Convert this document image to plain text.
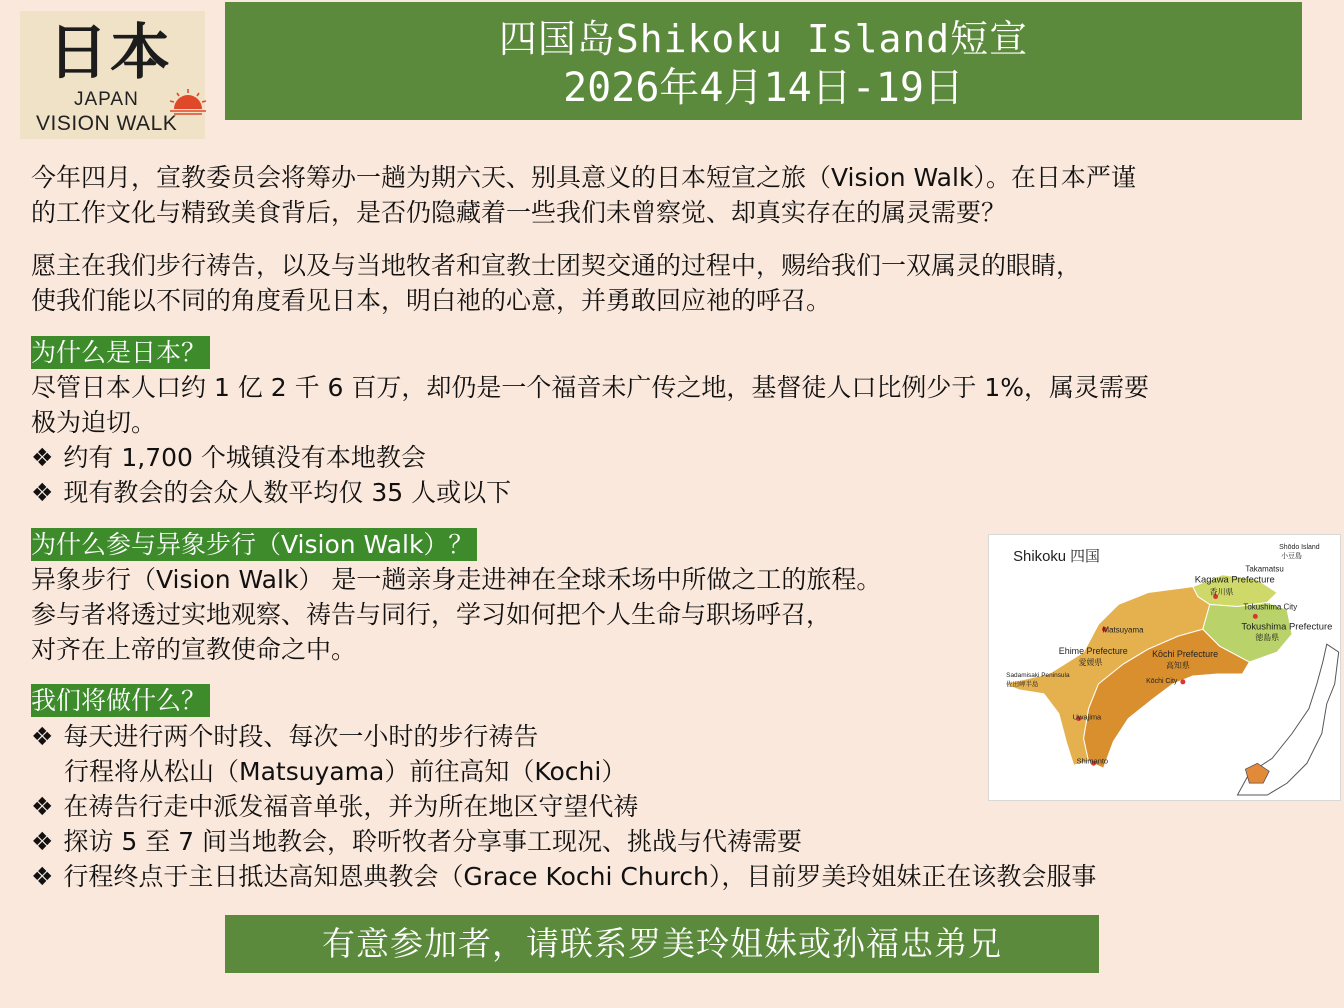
日本
JAPAN
VISION WALK
四国岛Shikoku Island短宣
2026年4月14日-19日
今年四月，宣教委员会将筹办一趟为期六天、别具意义的日本短宣之旅（Vision Walk）。在日本严谨
的工作文化与精致美食背后，是否仍隐藏着一些我们未曾察觉、却真实存在的属灵需要？
愿主在我们步行祷告，以及与当地牧者和宣教士团契交通的过程中，赐给我们一双属灵的眼睛，
使我们能以不同的角度看见日本，明白祂的心意，并勇敢回应祂的呼召。
为什么是日本？
尽管日本人口约 1 亿 2 千 6 百万，却仍是一个福音未广传之地，基督徒人口比例少于 1%，属灵需要
极为迫切。
❖ 约有 1,700 个城镇没有本地教会
❖ 现有教会的会众人数平均仅 35 人或以下
为什么参与异象步行（Vision Walk）？
异象步行（Vision Walk） 是一趟亲身走进神在全球禾场中所做之工的旅程。
参与者将透过实地观察、祷告与同行，学习如何把个人生命与职场呼召，
对齐在上帝的宣教使命之中。
我们将做什么？
❖ 每天进行两个时段、每次一小时的步行祷告
行程将从松山（Matsuyama）前往高知（Kochi）
❖ 在祷告行走中派发福音单张，并为所在地区守望代祷
❖ 探访 5 至 7 间当地教会，聆听牧者分享事工现况、挑战与代祷需要
❖ 行程终点于主日抵达高知恩典教会（Grace Kochi Church），目前罗美玲姐妹正在该教会服事
Shikoku 四国
Shōdo Island
小豆島
Takamatsu
Kagawa Prefecture
香川県
Tokushima City
Tokushima Prefecture
徳島県
Matsuyama
Ehime Prefecture
愛媛県
Kōchi Prefecture
高知県
Kōchi City
Sadamisaki Peninsula
佐田岬半島
Uwajima
Shimanto
有意参加者，请联系罗美玲姐妹或孙福忠弟兄
